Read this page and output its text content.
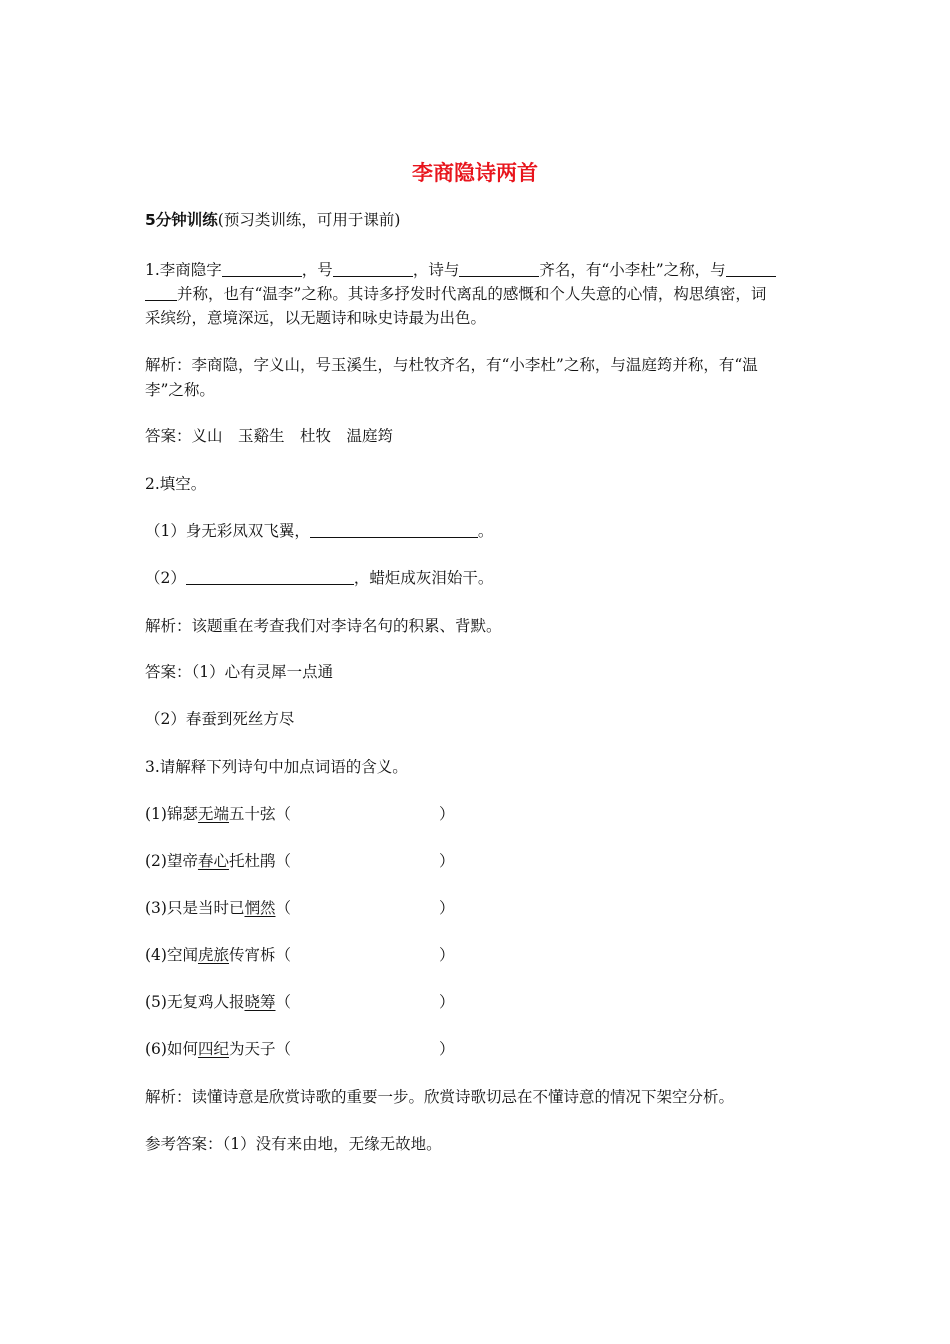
李商隐诗两首
5分钟训练(预习类训练，可用于课前)
1.李商隐字	，号	，诗与	齐名，有“小李杜”之称，与
并称，也有“温李”之称。其诗多抒发时代离乱的感慨和个人失意的心情，构思缜密，词
采缤纷，意境深远，以无题诗和咏史诗最为出色。
解析：李商隐，字义山，号玉溪生，与杜牧齐名，有“小李杜”之称，与温庭筠并称，有“温
李”之称。
答案：义山　玉谿生　杜牧　温庭筠
2.填空。
（1）身无彩凤双飞翼，	。
（2）	，蜡炬成灰泪始干。
解析：该题重在考查我们对李诗名句的积累、背默。
答案：（1）心有灵犀一点通
（2）春蚕到死丝方尽
3.请解释下列诗句中加点词语的含义。
(1)锦瑟无端五十弦（	）
(2)望帝春心托杜鹃（	）
(3)只是当时已惘然（	）
(4)空闻虎旅传宵柝（	）
(5)无复鸡人报晓筹（	）
(6)如何四纪为天子（	）
解析：读懂诗意是欣赏诗歌的重要一步。欣赏诗歌切忌在不懂诗意的情况下架空分析。
参考答案：（1）没有来由地，无缘无故地。
